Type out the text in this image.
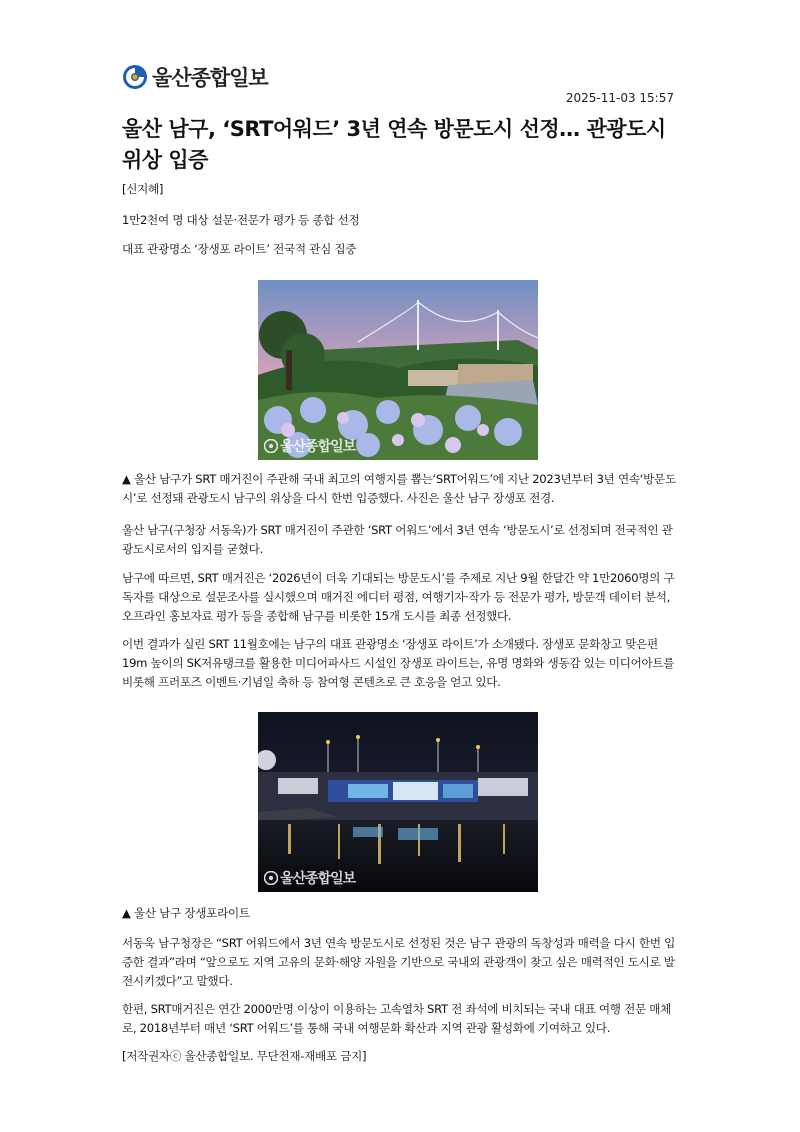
울산종합일보
2025-11-03 15:57
울산 남구, ‘SRT어워드’ 3년 연속 방문도시 선정… 관광도시 위상 입증

[신지혜]

1만2천여 명 대상 설문·전문가 평가 등 종합 선정

대표 관광명소 ‘장생포 라이트’ 전국적 관심 집중

울산종합일보

▲ 울산 남구가 SRT 매거진이 주관해 국내 최고의 여행지를 뽑는‘SRT어워드’에 지난 2023년부터 3년 연속‘방문도시’로 선정돼 관광도시 남구의 위상을 다시 한번 입증했다. 사진은 울산 남구 장생포 전경.

울산 남구(구청장 서동욱)가 SRT 매거진이 주관한 ‘SRT 어워드’에서 3년 연속 ‘방문도시’로 선정되며 전국적인 관광도시로서의 입지를 굳혔다.

남구에 따르면, SRT 매거진은 ‘2026년이 더욱 기대되는 방문도시’를 주제로 지난 9월 한달간 약 1만2060명의 구독자를 대상으로 설문조사를 실시했으며 매거진 에디터 평점, 여행기자·작가 등 전문가 평가, 방문객 데이터 분석, 오프라인 홍보자료 평가 등을 종합해 남구를 비롯한 15개 도시를 최종 선정했다.

이번 결과가 실린 SRT 11월호에는 남구의 대표 관광명소 ‘장생포 라이트’가 소개됐다. 장생포 문화창고 맞은편 19m 높이의 SK저유탱크를 활용한 미디어파사드 시설인 장생포 라이트는, 유명 명화와 생동감 있는 미디어아트를 비롯해 프러포즈 이벤트·기념일 축하 등 참여형 콘텐츠로 큰 호응을 얻고 있다.

울산종합일보

▲ 울산 남구 장생포라이트

서동욱 남구청장은 “SRT 어워드에서 3년 연속 방문도시로 선정된 것은 남구 관광의 독창성과 매력을 다시 한번 입증한 결과”라며 “앞으로도 지역 고유의 문화·해양 자원을 기반으로 국내외 관광객이 찾고 싶은 매력적인 도시로 발전시키겠다”고 말했다.

한편, SRT매거진은 연간 2000만명 이상이 이용하는 고속열차 SRT 전 좌석에 비치되는 국내 대표 여행 전문 매체로, 2018년부터 매년 ‘SRT 어워드’를 통해 국내 여행문화 확산과 지역 관광 활성화에 기여하고 있다.

[저작권자ⓒ 울산종합일보. 무단전재-재배포 금지]
